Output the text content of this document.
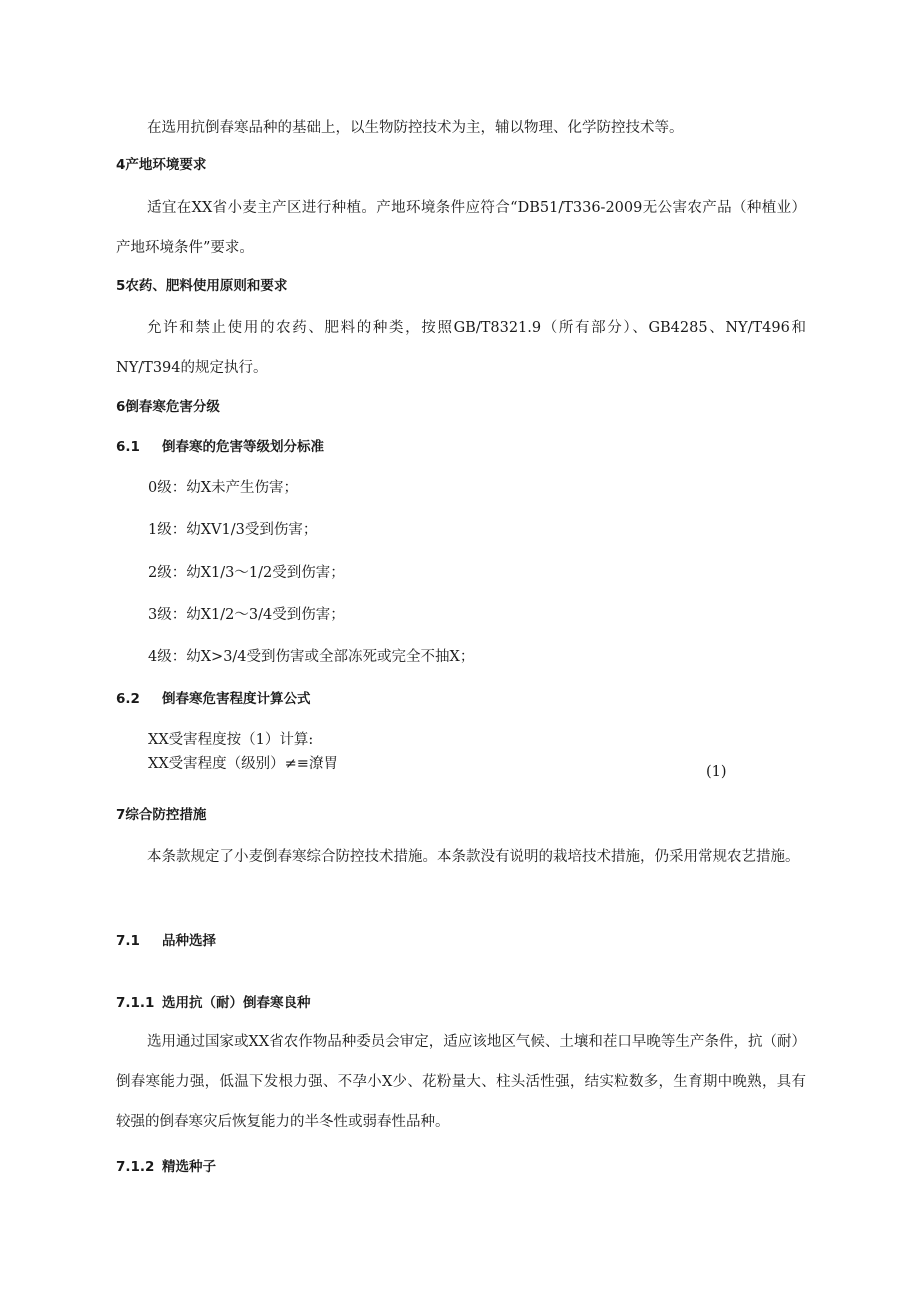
在选用抗倒春寒品种的基础上，以生物防控技术为主，辅以物理、化学防控技术等。

4产地环境要求

适宜在XX省小麦主产区进行种植。产地环境条件应符合“DB51/T336-2009无公害农产品（种植业）产地环境条件”要求。

5农药、肥料使用原则和要求

允许和禁止使用的农药、肥料的种类，按照GB/T8321.9（所有部分）、GB4285、NY/T496和NY/T394的规定执行。

6倒春寒危害分级
6.1 倒春寒的危害等级划分标准

0级：幼X未产生伤害；

1级：幼XV1/3受到伤害；

2级：幼X1/3～1/2受到伤害；

3级：幼X1/2～3/4受到伤害；

4级：幼X>3/4受到伤害或全部冻死或完全不抽X；

6.2 倒春寒危害程度计算公式

XX受害程度按（1）计算:

XX受害程度（级别）≠≡潦胃	(1)
7综合防控措施

本条款规定了小麦倒春寒综合防控技术措施。本条款没有说明的栽培技术措施，仍采用常规农艺措施。

7.1 品种选择
7.1.1 选用抗（耐）倒春寒良种

选用通过国家或XX省农作物品种委员会审定，适应该地区气候、土壤和茬口早晚等生产条件，抗（耐）倒春寒能力强，低温下发根力强、不孕小X少、花粉量大、柱头活性强，结实粒数多，生育期中晚熟，具有较强的倒春寒灾后恢复能力的半冬性或弱春性品种。

7.1.2 精选种子
